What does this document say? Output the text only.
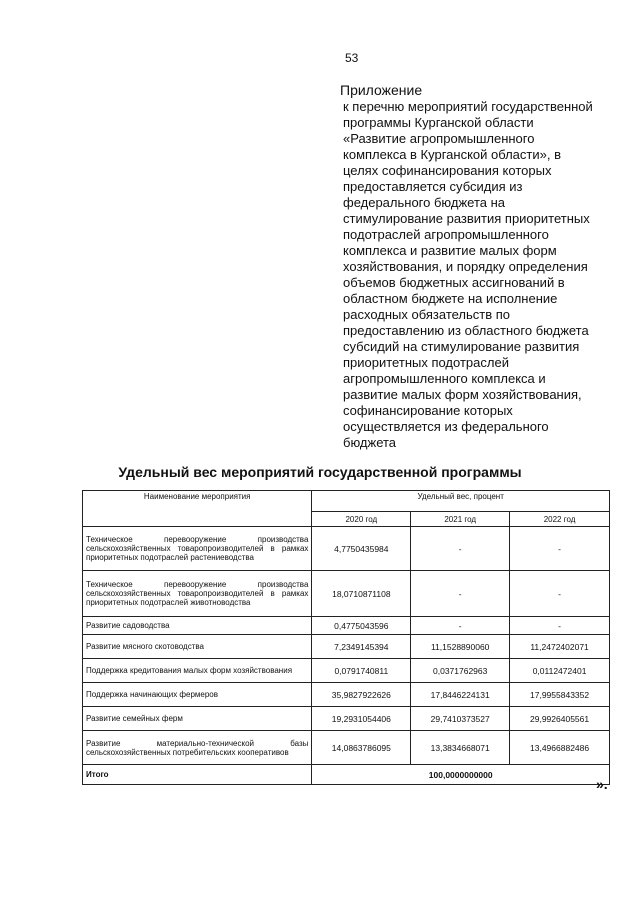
53
Приложение
к перечню мероприятий государственной
программы Курганской области
«Развитие агропромышленного
комплекса в Курганской области», в
целях софинансирования которых
предоставляется субсидия из
федерального бюджета на
стимулирование развития приоритетных
подотраслей агропромышленного
комплекса и развитие малых форм
хозяйствования, и порядку определения
объемов бюджетных ассигнований в
областном бюджете на исполнение
расходных обязательств по
предоставлению из областного бюджета
субсидий на стимулирование развития
приоритетных подотраслей
агропромышленного комплекса и
развитие малых форм хозяйствования,
софинансирование которых
осуществляется из федерального
бюджета
Удельный вес мероприятий государственной программы
Наименование мероприятия	Удельный вес, процент		
	2020 год	2021 год	2022 год
Техническое перевооружение производства сельскохозяйственных товаропроизводителей в рамках приоритетных подотраслей растениеводства	4,7750435984	-	-
Техническое перевооружение производства сельскохозяйственных товаропроизводителей в рамках приоритетных подотраслей животноводства	18,0710871108	-	-
Развитие садоводства	0,4775043596	-	-
Развитие мясного скотоводства	7,2349145394	11,1528890060	11,2472402071
Поддержка кредитования малых форм хозяйствования	0,0791740811	0,0371762963	0,0112472401
Поддержка начинающих фермеров	35,9827922626	17,8446224131	17,9955843352
Развитие семейных ферм	19,2931054406	29,7410373527	29,9926405561
Развитие материально-технической базы сельскохозяйственных потребительских кооперативов	14,0863786095	13,3834668071	13,4966882486
Итого	100,0000000000		
».
